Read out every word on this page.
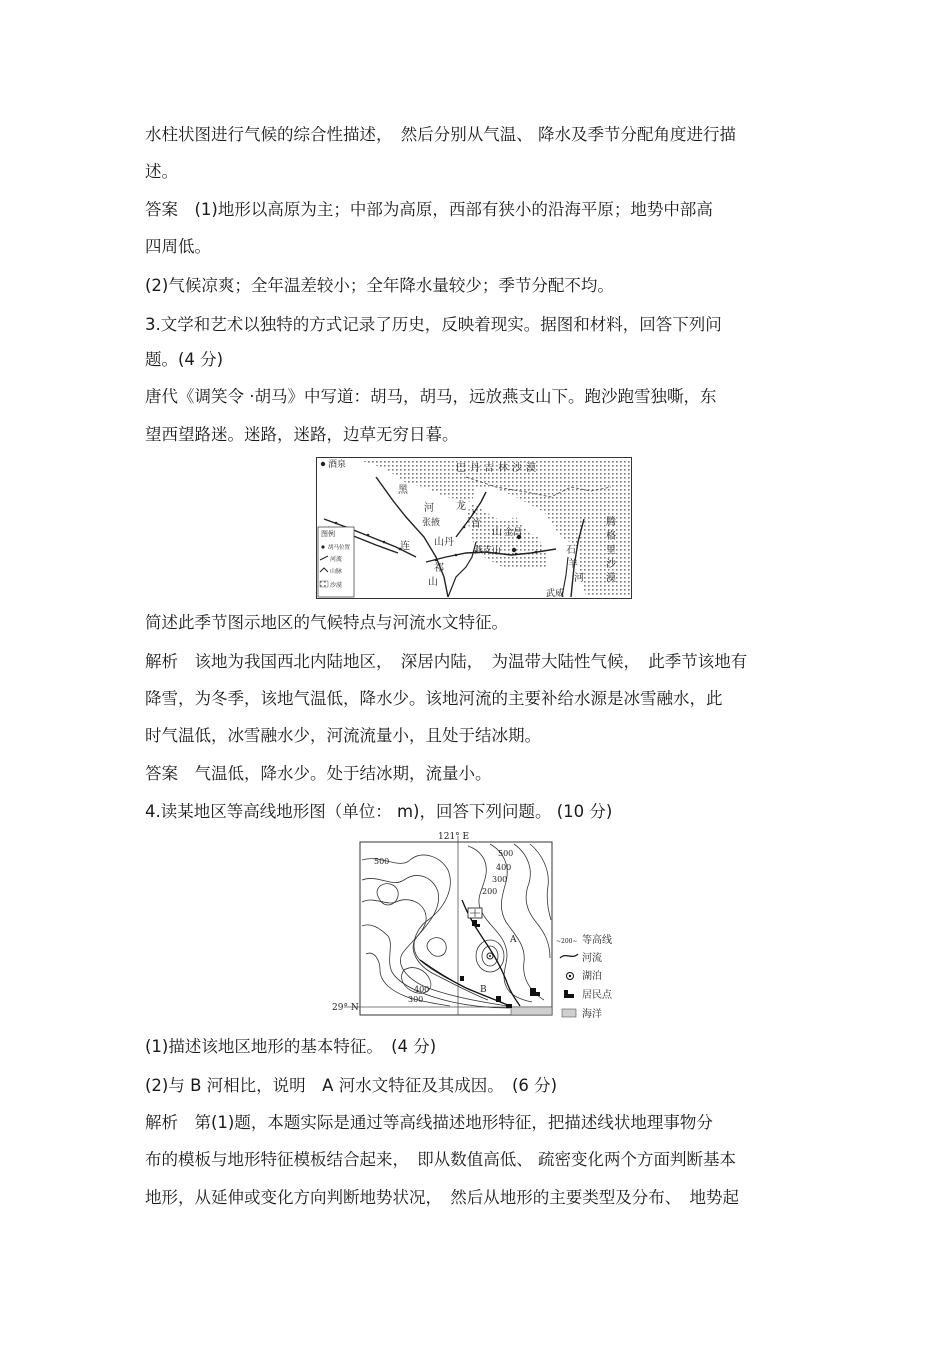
水柱状图进行气候的综合性描述，　然后分别从气温、 降水及季节分配角度进行描
述。
答案　(1)地形以高原为主；中部为高原，西部有狭小的沿海平原；地势中部高
四周低。
(2)气候凉爽；全年温差较小；全年降水量较少；季节分配不均。
3.文学和艺术以独特的方式记录了历史，反映着现实。据图和材料，回答下列问
题。(4 分)
唐代《调笑令 ·胡马》中写道：胡马，胡马，远放燕支山下。跑沙跑雪独嘶，东
望西望路迷。迷路，迷路，边草无穷日暮。
酒泉	巴丹吉林沙漠
黑
河
张掖
龙
首
山
山丹
燕支山
金昌
连
祁
山
石
羊
河
武威
腾
格
里
沙
漠
图例
胡马位置
河流
山脉
沙漠
简述此季节图示地区的气候特点与河流水文特征。
解析　该地为我国西北内陆地区，　深居内陆，　为温带大陆性气候，　此季节该地有
降雪，为冬季，该地气温低，降水少。该地河流的主要补给水源是冰雪融水，此
时气温低，冰雪融水少，河流流量小，且处于结冰期。
答案　气温低，降水少。处于结冰期，流量小。
4.读某地区等高线地形图（单位： m)，回答下列问题。 (10 分)
121° E
29° N
500
500
400
300
200
400
300
A
B
~200~ 等高线
河流
湖泊
居民点
海洋
(1)描述该地区地形的基本特征。　(4 分)
(2)与 B 河相比，说明　A 河水文特征及其成因。　(6 分)
解析　第(1)题，本题实际是通过等高线描述地形特征，把描述线状地理事物分
布的模板与地形特征模板结合起来，　即从数值高低、 疏密变化两个方面判断基本
地形，从延伸或变化方向判断地势状况，　然后从地形的主要类型及分布、　地势起
